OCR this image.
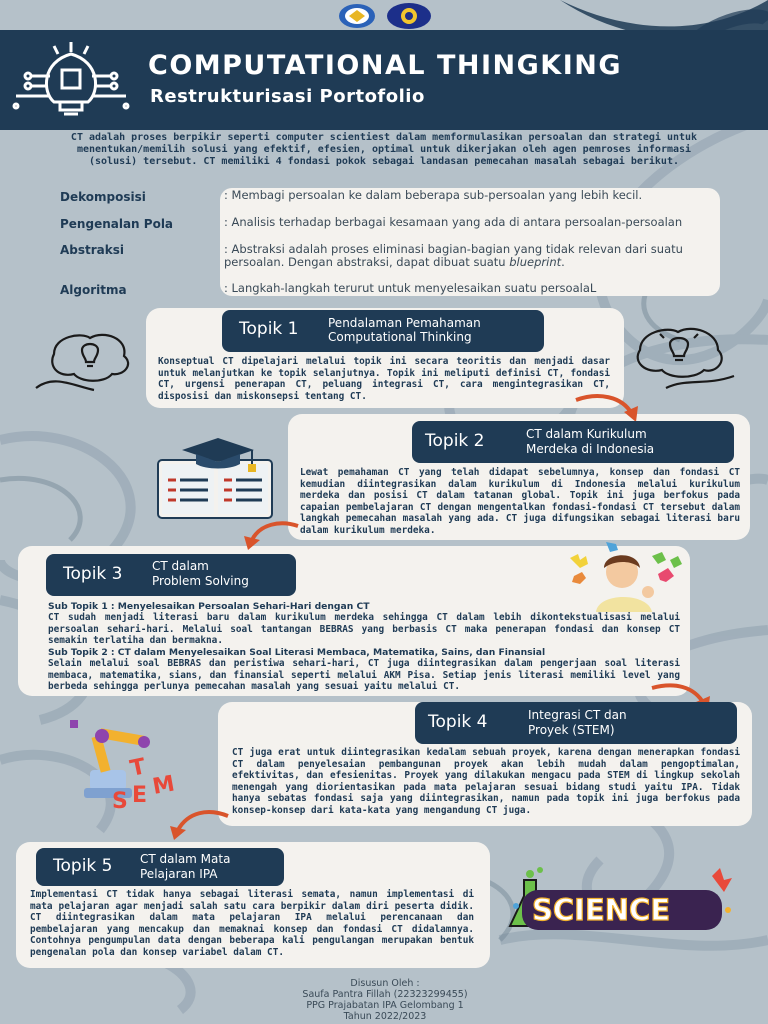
COMPUTATIONAL THINGKING
Restrukturisasi Portofolio
CT adalah proses berpikir seperti computer scientiest dalam memformulasikan persoalan dan strategi untuk menentukan/memilih solusi yang efektif, efesien, optimal untuk dikerjakan oleh agen pemroses informasi (solusi) tersebut. CT memiliki 4 fondasi pokok sebagai landasan pemecahan masalah sebagai berikut.
Dekomposisi	: Membagi persoalan ke dalam beberapa sub-persoalan yang lebih kecil.
Pengenalan Pola	: Analisis terhadap berbagai kesamaan yang ada di antara persoalan-persoalan
Abstraksi	: Abstraksi adalah proses eliminasi bagian-bagian yang tidak relevan dari suatu persoalan. Dengan abstraksi, dapat dibuat suatu blueprint.
Algoritma	: Langkah-langkah terurut untuk menyelesaikan suatu persoalaL
Topik 1 Pendalaman Pemahaman
Computational Thinking
Konseptual CT dipelajari melalui topik ini secara teoritis dan menjadi dasar untuk melanjutkan ke topik selanjutnya. Topik ini meliputi definisi CT, fondasi CT, urgensi penerapan CT, peluang integrasi CT, cara mengintegrasikan CT, disposisi dan miskonsepsi tentang CT.
Topik 2	CT dalam Kurikulum
Merdeka di Indonesia
Lewat pemahaman CT yang telah didapat sebelumnya, konsep dan fondasi CT kemudian diintegrasikan dalam kurikulum di Indonesia melalui kurikulum merdeka dan posisi CT dalam tatanan global. Topik ini juga berfokus pada capaian pembelajaran CT dengan mengentalkan fondasi-fondasi CT tersebut dalam langkah pemecahan masalah yang ada. CT juga difungsikan sebagai literasi baru dalam kurikulum merdeka.
Topik 3 CT dalam
Problem Solving
Sub Topik 1 : Menyelesaikan Persoalan Sehari-Hari dengan CT
CT sudah menjadi literasi baru dalam kurikulum merdeka sehingga CT dalam lebih dikontekstualisasi melalui persoalan sehari-hari. Melalui soal tantangan BEBRAS yang berbasis CT maka penerapan fondasi dan konsep CT semakin terlatiha dan bermakna.
Sub Topik 2 : CT dalam Menyelesaikan Soal Literasi Membaca, Matematika, Sains, dan Finansial
Selain melalui soal BEBRAS dan peristiwa sehari-hari, CT juga diintegrasikan dalam pengerjaan soal literasi membaca, matematika, sians, dan finansial seperti melalui AKM Pisa. Setiap jenis literasi memiliki level yang berbeda sehingga perlunya pemecahan masalah yang sesuai yaitu melalui CT.
Topik 4	Integrasi CT dan
Proyek (STEM)
CT juga erat untuk diintegrasikan kedalam sebuah proyek, karena dengan menerapkan fondasi CT dalam penyelesaian pembangunan proyek akan lebih mudah dalam pengoptimalan, efektivitas, dan efesienitas. Proyek yang dilakukan mengacu pada STEM di lingkup sekolah menengah yang diorientasikan pada mata pelajaran sesuai bidang studi yaitu IPA. Tidak hanya sebatas fondasi saja yang diintegrasikan, namun pada topik ini juga berfokus pada konsep-konsep dari kata-kata yang mengandung CT juga.
T
S E M
Topik 5 CT dalam Mata
Pelajaran IPA
Implementasi CT tidak hanya sebagai literasi semata, namun implementasi di mata pelajaran agar menjadi salah satu cara berpikir dalam diri peserta didik. CT diintegrasikan dalam mata pelajaran IPA melalui perencanaan dan pembelajaran yang mencakup dan memaknai konsep dan fondasi CT didalamnya. Contohnya pengumpulan data dengan beberapa kali pengulangan merupakan bentuk pengenalan pola dan konsep variabel dalam CT.
SCIENCE
Disusun Oleh :
Saufa Pantra Fillah (22323299455)
PPG Prajabatan IPA Gelombang 1
Tahun 2022/2023
